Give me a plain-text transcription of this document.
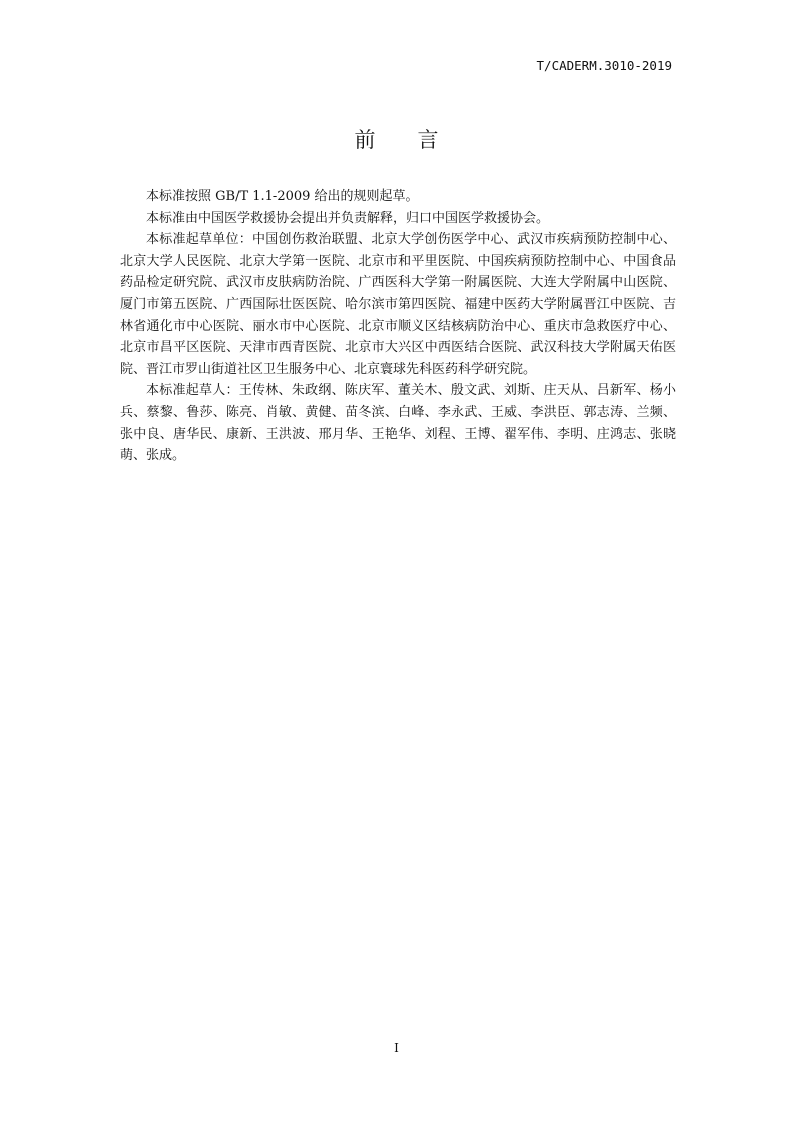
T/CADERM.3010-2019
前 言

本标准按照 GB/T 1.1-2009 给出的规则起草。

本标准由中国医学救援协会提出并负责解释，归口中国医学救援协会。

本标准起草单位：中国创伤救治联盟、北京大学创伤医学中心、武汉市疾病预防控制中心、北京大学人民医院、北京大学第一医院、北京市和平里医院、中国疾病预防控制中心、中国食品药品检定研究院、武汉市皮肤病防治院、广西医科大学第一附属医院、大连大学附属中山医院、厦门市第五医院、广西国际壮医医院、哈尔滨市第四医院、福建中医药大学附属晋江中医院、吉林省通化市中心医院、丽水市中心医院、北京市顺义区结核病防治中心、重庆市急救医疗中心、北京市昌平区医院、天津市西青医院、北京市大兴区中西医结合医院、武汉科技大学附属天佑医院、晋江市罗山街道社区卫生服务中心、北京寰球先科医药科学研究院。

本标准起草人：王传林、朱政纲、陈庆军、董关木、殷文武、刘斯、庄天从、吕新军、杨小兵、蔡黎、鲁莎、陈亮、肖敏、黄健、苗冬滨、白峰、李永武、王威、李洪臣、郭志涛、兰频、张中良、唐华民、康新、王洪波、邢月华、王艳华、刘程、王博、翟军伟、李明、庄鸿志、张晓萌、张成。

I
